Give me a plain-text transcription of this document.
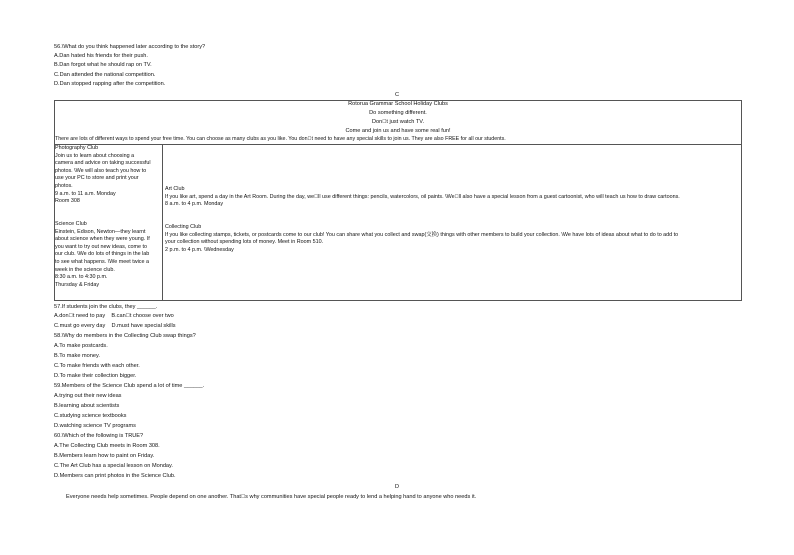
56.\What do you think happened later according to the story?
A.Dan hated his friends for their push.
B.Dan forgot what he should rap on TV.
C.Dan attended the national competition.
D.Dan stopped rapping after the competition.
C
Rotorua Grammar School Holiday Clubs
Do something different.
Don t just watch TV.
Come and join us and have some real fun!
There are lots of different ways to spend your free time. You can choose as many clubs as you like. You don t need to have any special skills to join us. They are also FREE for all our students.
Photography Club
Join us to learn about choosing a
camera and advice on taking successful
photos. \We will also teach you how to
use your PC to store and print your
photos.
9 a.m. to 11 a.m. Monday
Room 308
Science Club
Einstein, Edison, Newton—they learnt
about science when they were young. If
you want to try out new ideas, come to
our club. \We do lots of things in the lab
to see what happens. \We meet twice a
week in the science club.
8:30 a.m. to 4:30 p.m.
Thursday & Friday
Art Club
If you like art, spend a day in the Art Room. During the day, we ll use different things: pencils, watercolors, oil paints. \We ll also have a special lesson from a guest cartoonist, who will teach us how to draw cartoons.
8 a.m. to 4 p.m. Monday
Collecting Club
If you like collecting stamps, tickets, or postcards come to our club! You can share what you collect and swap(交换) things with other members to build your collection. \We have lots of ideas about what to do to add to
your collection without spending lots of money. Meet in Room 510.
2 p.m. to 4 p.m. \Wednesday
57.If students join the clubs, they ______.
A.don t need to pay    B.can t choose over two
C.must go every day    D.must have special skills
58.\Why do members in the Collecting Club swap things?
A.To make postcards.
B.To make money.
C.To make friends with each other.
D.To make their collection bigger.
59.Members of the Science Club spend a lot of time ______.
A.trying out their new ideas
B.learning about scientists
C.studying science textbooks
D.watching science TV programs
60.\Which of the following is TRUE?
A.The Collecting Club meets in Room 308.
B.Members learn how to paint on Friday.
C.The Art Club has a special lesson on Monday.
D.Members can print photos in the Science Club.
D
Everyone needs help sometimes. People depend on one another. That s why communities have special people ready to lend a helping hand to anyone who needs it.
